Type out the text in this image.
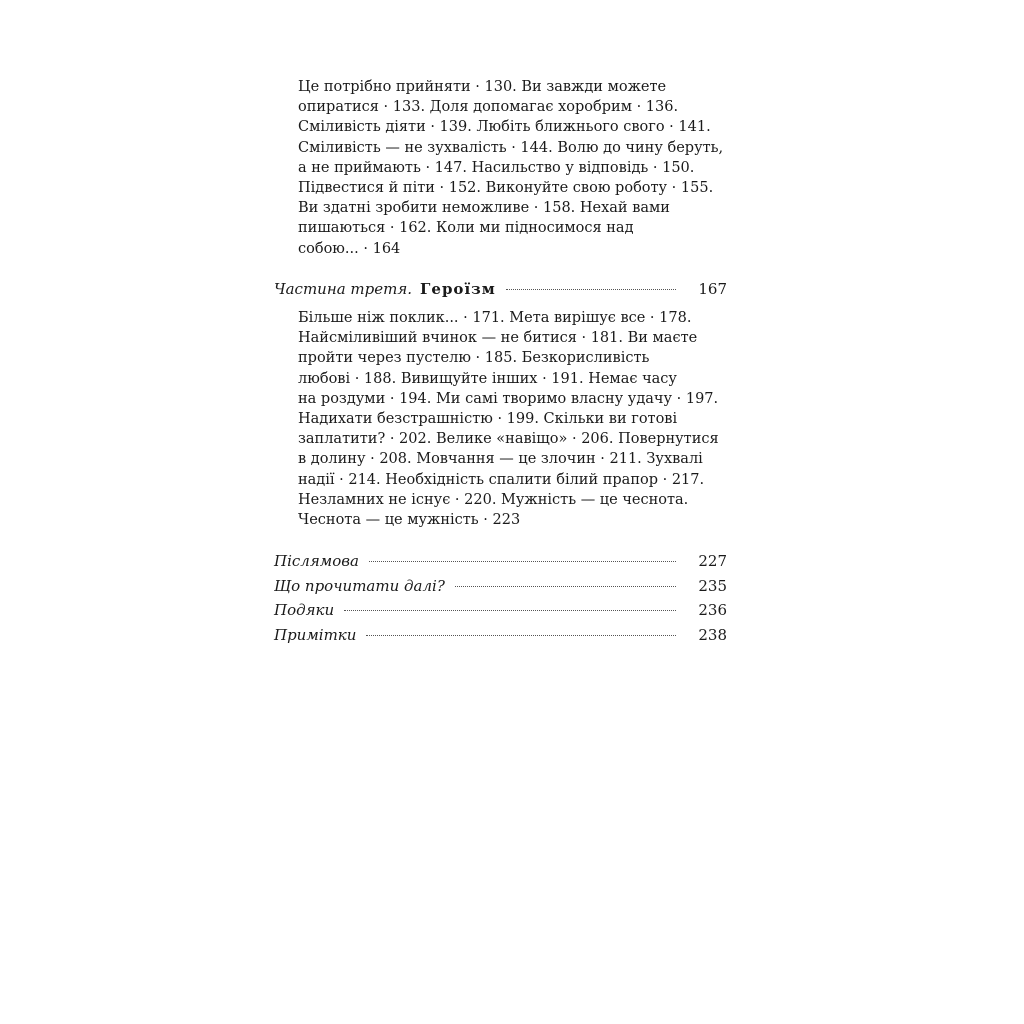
Це потрібно прийняти · 130. Ви завжди можете
опиратися · 133. Доля допомагає хоробрим · 136.
Сміливість діяти · 139. Любіть ближнього свого · 141.
Сміливість — не зухвалість · 144. Волю до чину беруть,
а не приймають · 147. Насильство у відповідь · 150.
Підвестися й піти · 152. Виконуйте свою роботу · 155.
Ви здатні зробити неможливе · 158. Нехай вами
пишаються · 162. Коли ми підносимося над
собою... · 164
Частина третя. Героїзм	167
Більше ніж поклик... · 171. Мета вирішує все · 178.
Найсміливіший вчинок — не битися · 181. Ви маєте
пройти через пустелю · 185. Безкорисливість
любові · 188. Вивищуйте інших · 191. Немає часу
на роздуми · 194. Ми самі творимо власну удачу · 197.
Надихати безстрашністю · 199. Скільки ви готові
заплатити? · 202. Велике «навіщо» · 206. Повернутися
в долину · 208. Мовчання — це злочин · 211. Зухвалі
надії · 214. Необхідність спалити білий прапор · 217.
Незламних не існує · 220. Мужність — це чеснота.
Чеснота — це мужність · 223
Післямова	227
Що прочитати далі?	235
Подяки	236
Примітки	238
